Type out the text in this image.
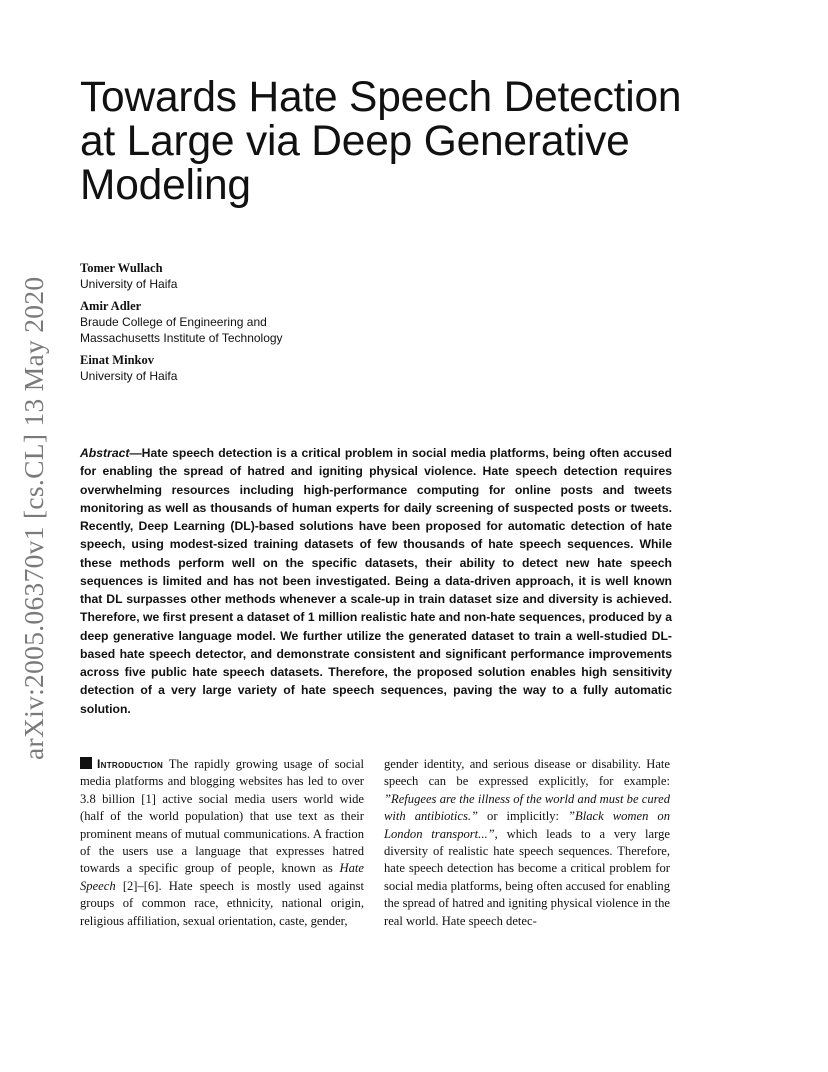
arXiv:2005.06370v1 [cs.CL] 13 May 2020
Towards Hate Speech Detection at Large via Deep Generative Modeling
Tomer Wullach
University of Haifa
Amir Adler
Braude College of Engineering and
Massachusetts Institute of Technology
Einat Minkov
University of Haifa
Abstract—Hate speech detection is a critical problem in social media platforms, being often accused for enabling the spread of hatred and igniting physical violence. Hate speech detection requires overwhelming resources including high-performance computing for online posts and tweets monitoring as well as thousands of human experts for daily screening of suspected posts or tweets. Recently, Deep Learning (DL)-based solutions have been proposed for automatic detection of hate speech, using modest-sized training datasets of few thousands of hate speech sequences. While these methods perform well on the specific datasets, their ability to detect new hate speech sequences is limited and has not been investigated. Being a data-driven approach, it is well known that DL surpasses other methods whenever a scale-up in train dataset size and diversity is achieved. Therefore, we first present a dataset of 1 million realistic hate and non-hate sequences, produced by a deep generative language model. We further utilize the generated dataset to train a well-studied DL-based hate speech detector, and demonstrate consistent and significant performance improvements across five public hate speech datasets. Therefore, the proposed solution enables high sensitivity detection of a very large variety of hate speech sequences, paving the way to a fully automatic solution.
Introduction The rapidly growing usage of social media platforms and blogging websites has led to over 3.8 billion [1] active social media users world wide (half of the world population) that use text as their prominent means of mutual communications. A fraction of the users use a language that expresses hatred towards a specific group of people, known as Hate Speech [2]–[6]. Hate speech is mostly used against groups of common race, ethnicity, national origin, religious affiliation, sexual orientation, caste, gender,
gender identity, and serious disease or disability. Hate speech can be expressed explicitly, for example: ”Refugees are the illness of the world and must be cured with antibiotics.” or implicitly: ”Black women on London transport...”, which leads to a very large diversity of realistic hate speech sequences. Therefore, hate speech detection has become a critical problem for social media platforms, being often accused for enabling the spread of hatred and igniting physical violence in the real world. Hate speech detec-
